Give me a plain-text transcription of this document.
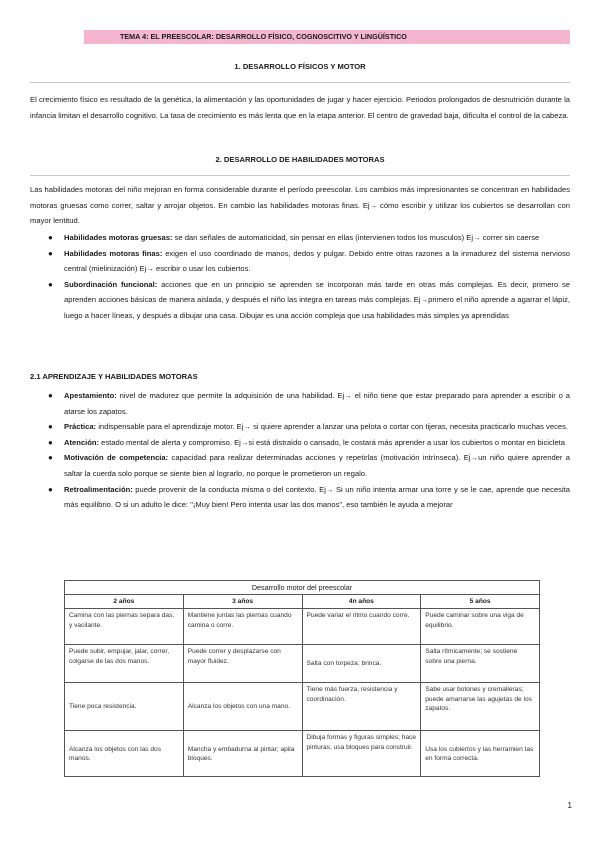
TEMA 4: EL PREESCOLAR: DESARROLLO FÍSICO, COGNOSCITIVO Y LINGÜÍSTICO
1. DESARROLLO FÍSICOS Y MOTOR
El crecimiento físico es resultado de la genética, la alimentación y las oportunidades de jugar y hacer ejercicio. Periodos prolongados de desnutrición durante la infancia limitan el desarrollo cognitivo. La tasa de crecimiento es más lenta que en la etapa anterior. El centro de gravedad baja, dificulta el control de la cabeza.
2. DESARROLLO DE HABILIDADES MOTORAS
Las habilidades motoras del niño mejoran en forma considerable durante el período preescolar. Los cambios más impresionantes se concentran en habilidades motoras gruesas como correr, saltar y arrojar objetos. En cambio las habilidades motoras finas. Ej→ cómo escribir y utilizar los cubiertos se desarrollan con mayor lentitud.
● Habilidades motoras gruesas: se dan señales de automaticidad, sin pensar en ellas (intervienen todos los musculos) Ej→ correr sin caerse
● Habilidades motoras finas: exigen el uso coordinado de manos, dedos y pulgar. Debido entre otras razones a la inmadurez del sistema nervioso central (mielinización) Ej→ escribir o usar los cubiertos.
● Subordinación funcional: acciones que en un principio se aprenden se incorporan más tarde en otras más complejas. Es decir, primero se aprenden acciones básicas de manera aislada, y después el niño las integra en tareas más complejas. Ej→primero el niño aprende a agarrar el lápiz, luego a hacer líneas, y después a dibujar una casa. Dibujar es una acción compleja que usa habilidades más simples ya aprendidas
2.1 APRENDIZAJE Y HABILIDADES MOTORAS
● Apestamiento: nivel de madurez que permite la adquisición de una habilidad. Ej→ el niño tiene que estar preparado para aprender a escribir o a atarse los zapatos.
● Práctica: indispensable para el aprendizaje motor. Ej→ si quiere aprender a lanzar una pelota o cortar con tijeras, necesita practicarlo muchas veces.
● Atención: estado mental de alerta y compromiso. Ej→si está distraído o cansado, le costará más aprender a usar los cubiertos o montar en bicicleta
● Motivación de competencia: capacidad para realizar determinadas acciones y repetirlas (motivación intrínseca). Ej→un niño quiere aprender a saltar la cuerda solo porque se siente bien al lograrlo, no porque le prometieron un regalo.
● Retroalimentación: puede provenir de la conducta misma o del contexto. Ej→ Si un niño intenta armar una torre y se le cae, aprende que necesita más equilibrio. O si un adulto le dice: "¡Muy bien! Pero intenta usar las dos manos", eso también le ayuda a mejorar
Desarrollo motor del preescolar
2 años	3 años	4n años	5 años
Camina con las piernas separa das, y vacilante.	Mantiene juntas las piernas cuando camina o corre.	Puede variar el ritmo cuando corre.	Puede caminar sobre una viga de equilibrio.
Puede subir, empujar, jalar, correr, colgarse de las dos manos.	Puede correr y desplazarse con mayor fluidez.	Salta con torpeza; brinca.	Salta rítmicamente; se sostiene sobre una pierna.
Tiene poca resistencia.	Alcanza los objetos con una mano.	Tiene más fuerza, resistencia y coordinación.	Sabe usar botones y cremalleras; puede amarrarse las agujetas de los zapatos.
Alcanza los objetos con las dos manos.	Mancha y embadurna al pintar; apila bloques.	Dibuja formas y figuras simples; hace pinturas; usa bloques para construir.	Usa los cubiertos y las herramien tas en forma correcta.
1
